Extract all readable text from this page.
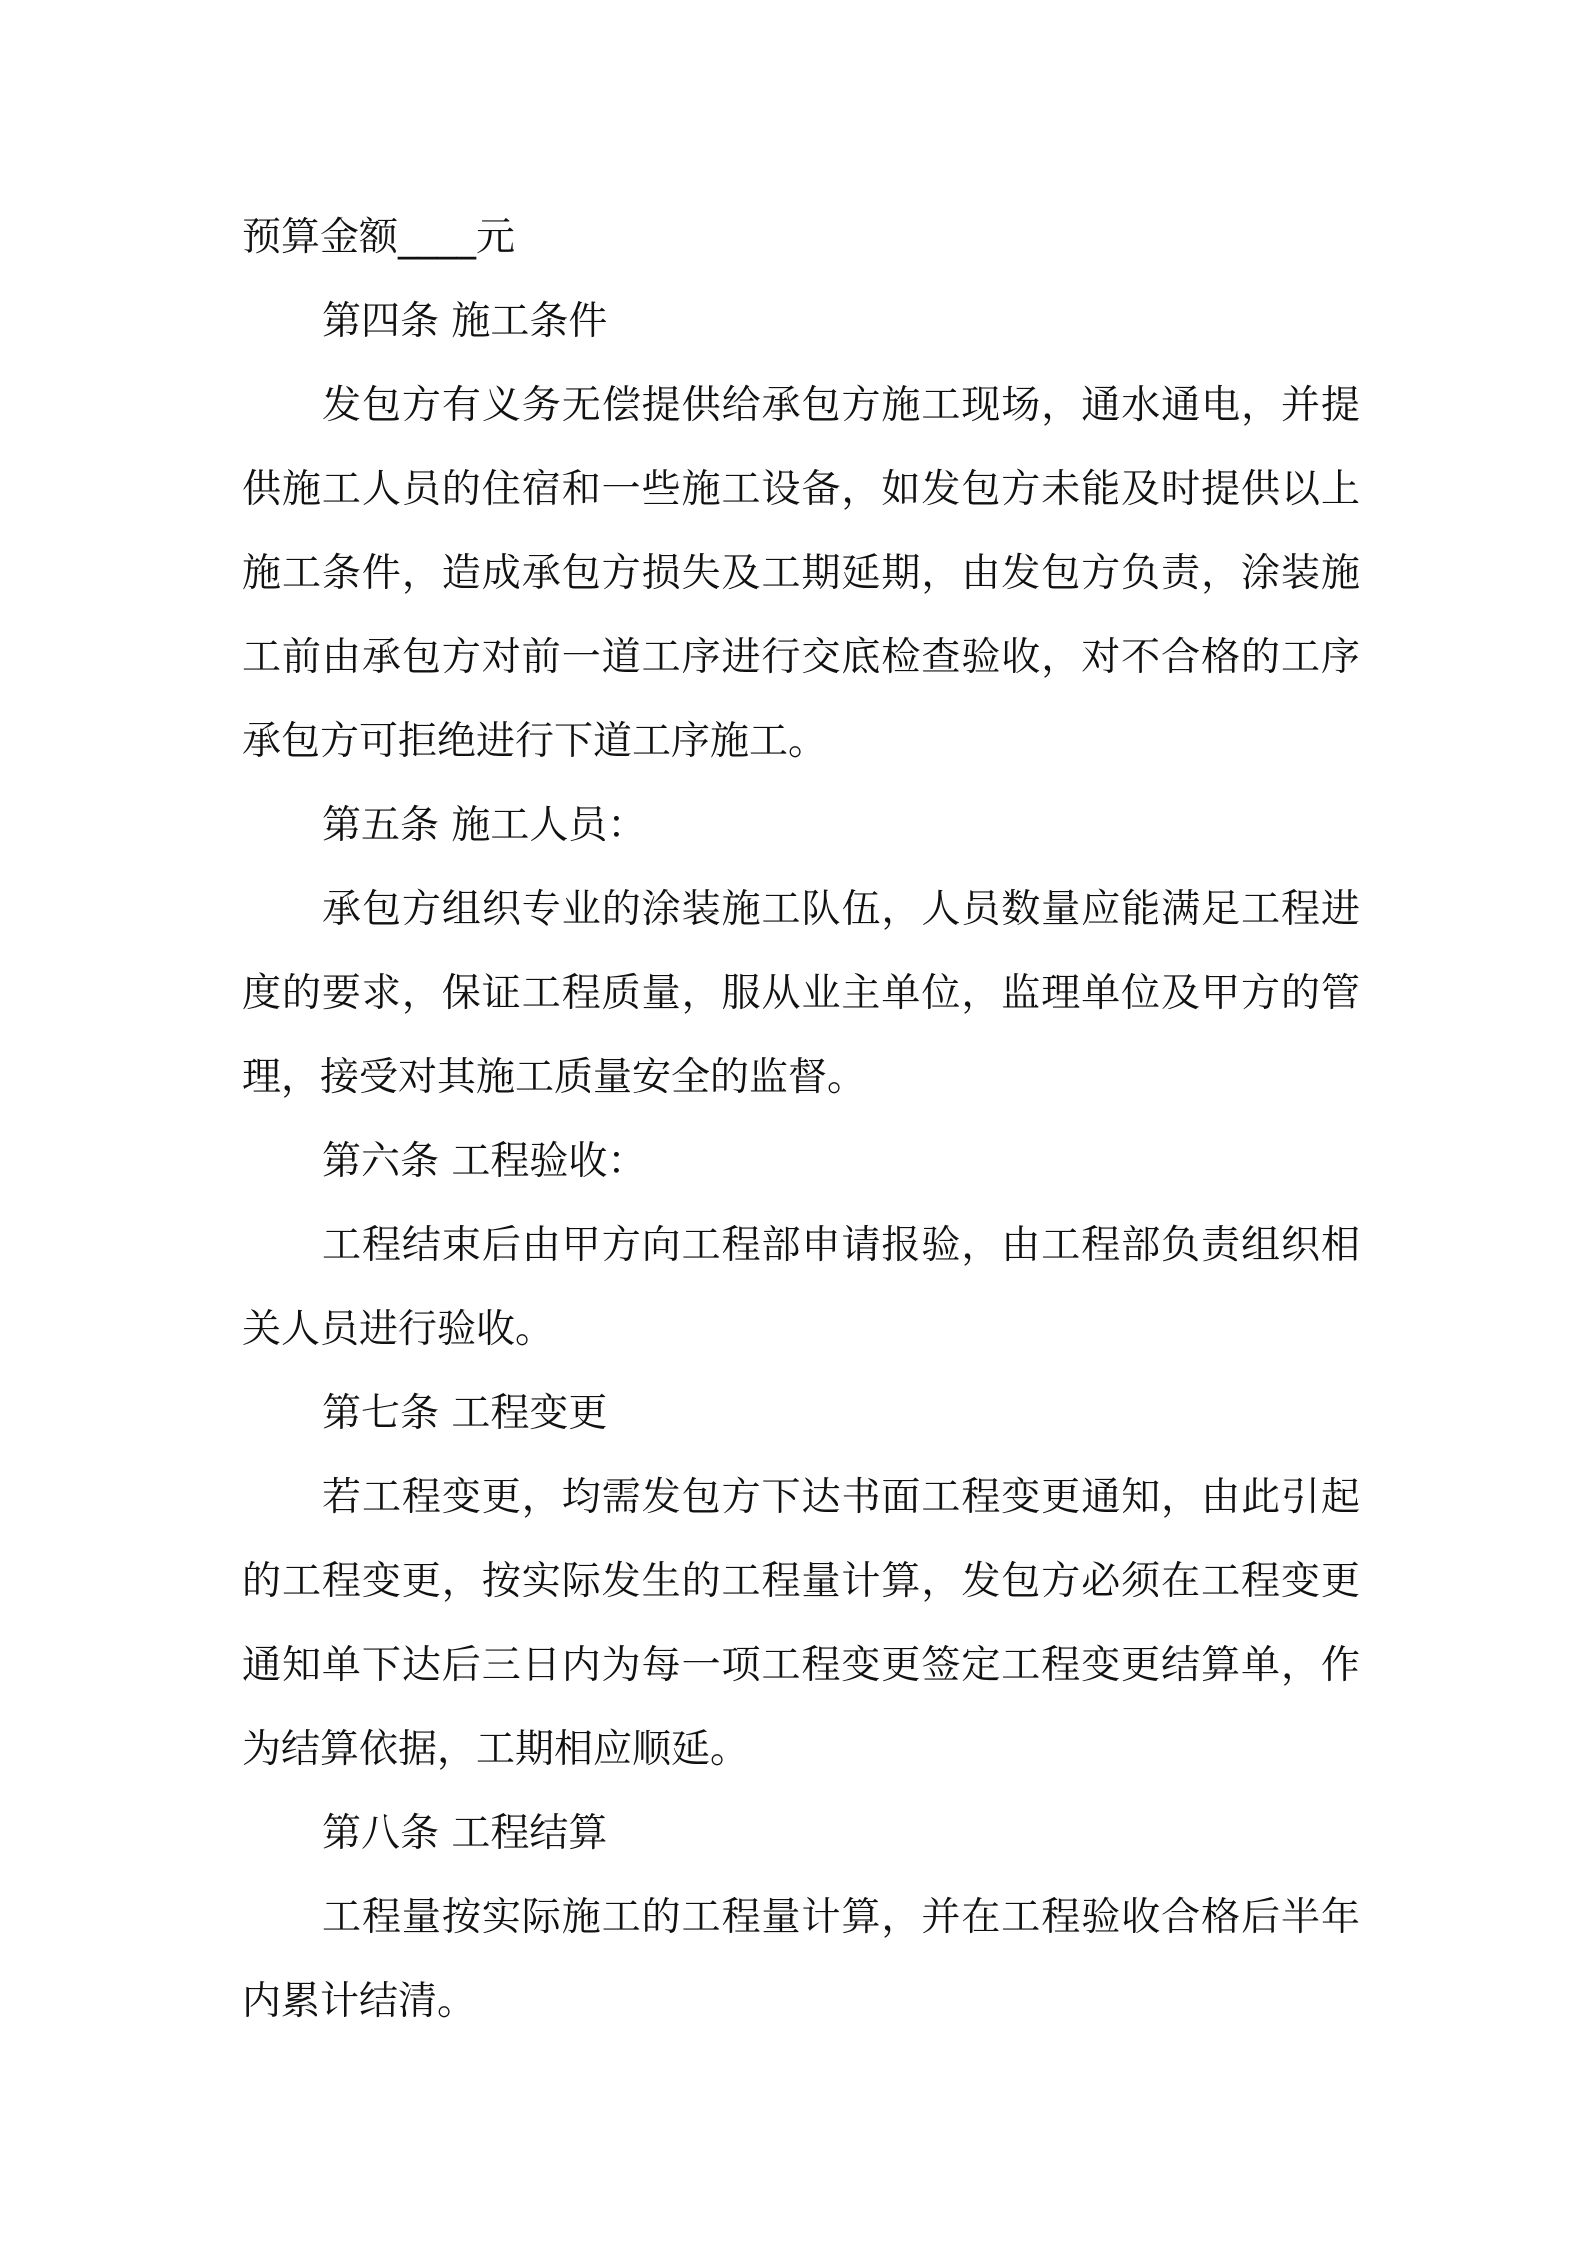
预算金额____元
第四条 施工条件
发包方有义务无偿提供给承包方施工现场，通水通电，并提
供施工人员的住宿和一些施工设备，如发包方未能及时提供以上
施工条件，造成承包方损失及工期延期，由发包方负责，涂装施
工前由承包方对前一道工序进行交底检查验收，对不合格的工序
承包方可拒绝进行下道工序施工。
第五条 施工人员：
承包方组织专业的涂装施工队伍，人员数量应能满足工程进
度的要求，保证工程质量，服从业主单位，监理单位及甲方的管
理，接受对其施工质量安全的监督。
第六条 工程验收：
工程结束后由甲方向工程部申请报验，由工程部负责组织相
关人员进行验收。
第七条 工程变更
若工程变更，均需发包方下达书面工程变更通知，由此引起
的工程变更，按实际发生的工程量计算，发包方必须在工程变更
通知单下达后三日内为每一项工程变更签定工程变更结算单，作
为结算依据，工期相应顺延。
第八条 工程结算
工程量按实际施工的工程量计算，并在工程验收合格后半年
内累计结清。
